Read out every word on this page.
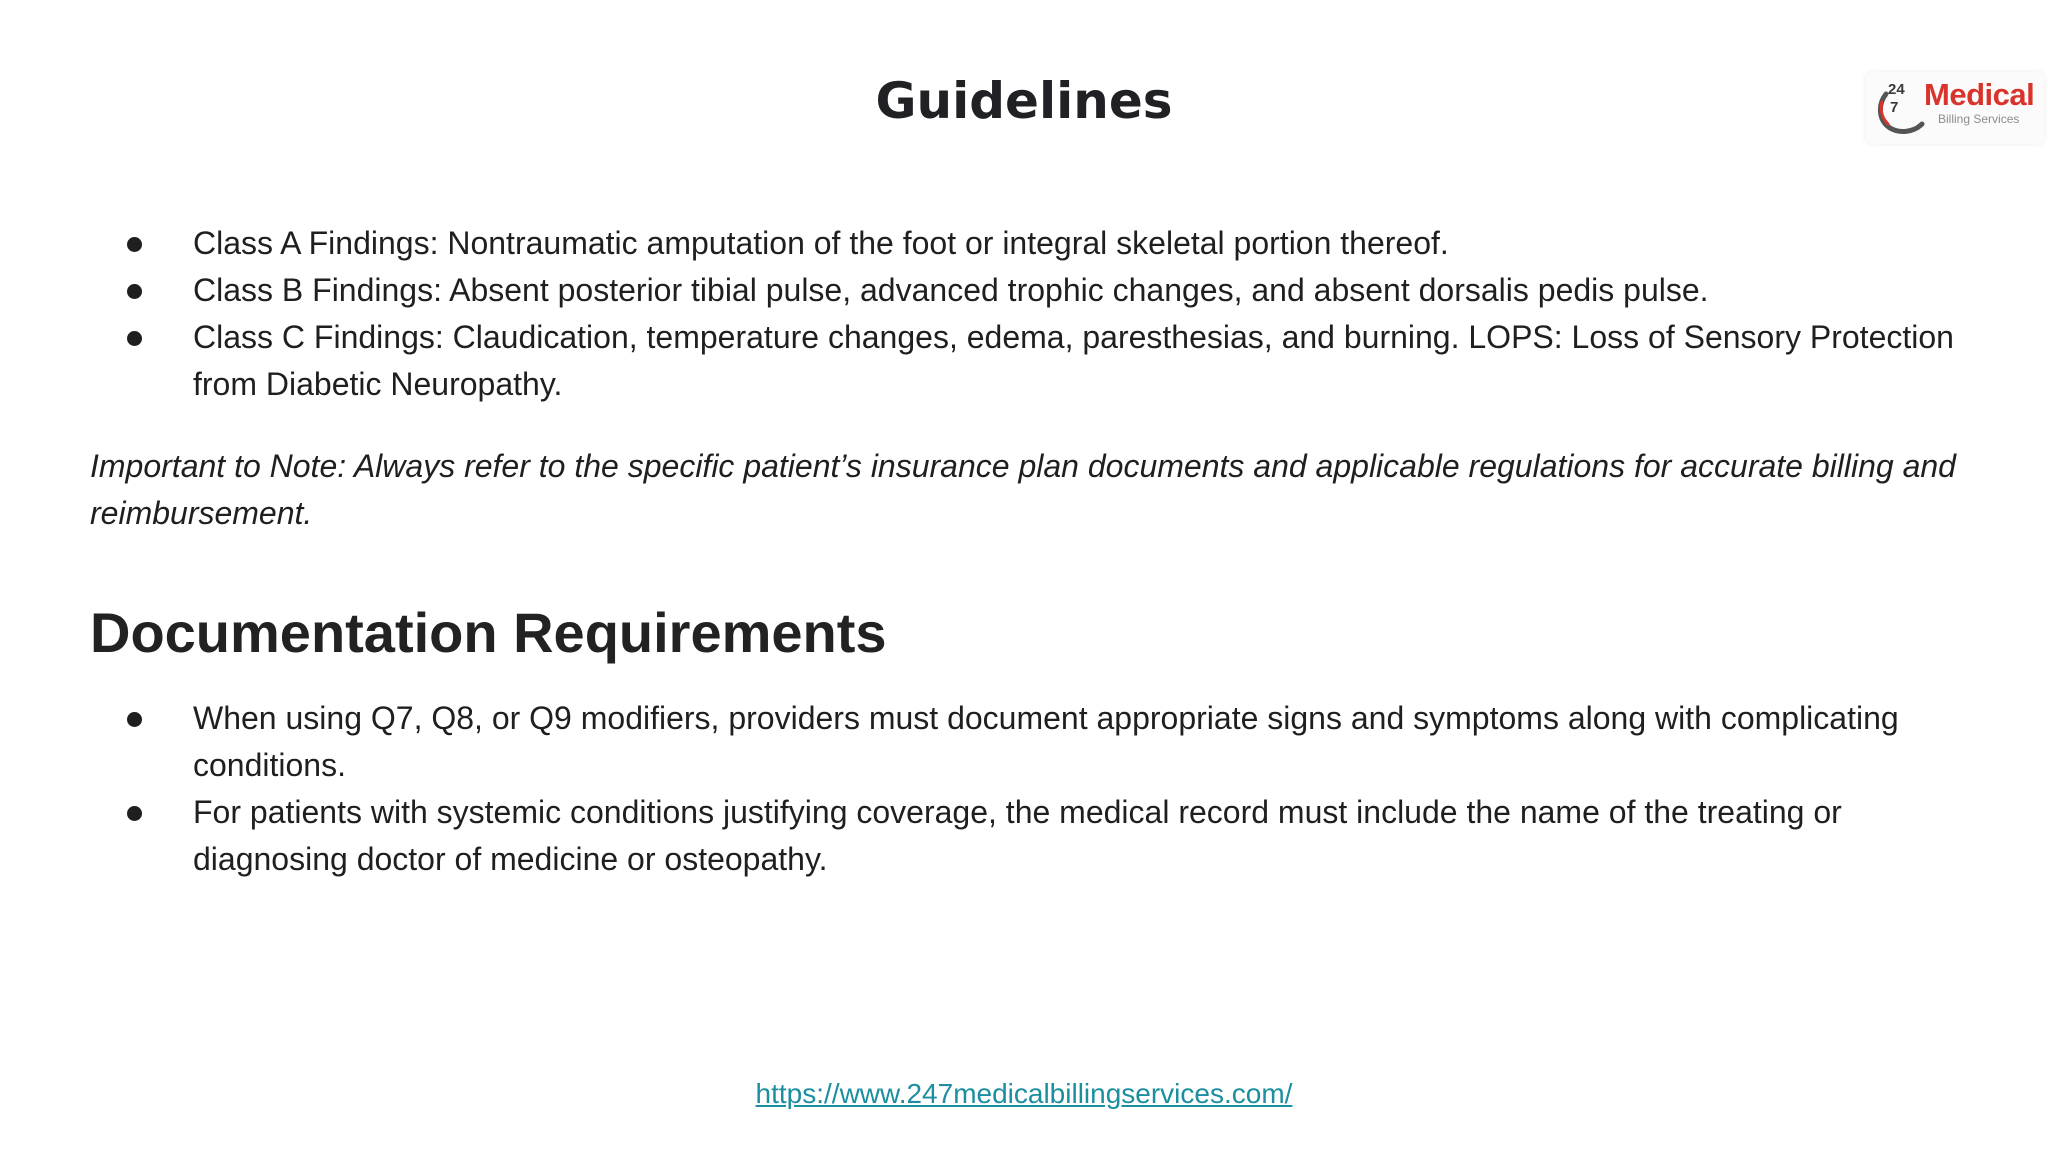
Guidelines	24
7 Medical
Billing Services
Class A Findings: Nontraumatic amputation of the foot or integral skeletal portion thereof.
Class B Findings: Absent posterior tibial pulse, advanced trophic changes, and absent dorsalis pedis pulse.
Class C Findings: Claudication, temperature changes, edema, paresthesias, and burning. LOPS: Loss of Sensory Protection from Diabetic Neuropathy.

Important to Note: Always refer to the specific patient’s insurance plan documents and applicable regulations for accurate billing and reimbursement.

Documentation Requirements
When using Q7, Q8, or Q9 modifiers, providers must document appropriate signs and symptoms along with complicating conditions.
For patients with systemic conditions justifying coverage, the medical record must include the name of the treating or diagnosing doctor of medicine or osteopathy.
https://www.247medicalbillingservices.com/
